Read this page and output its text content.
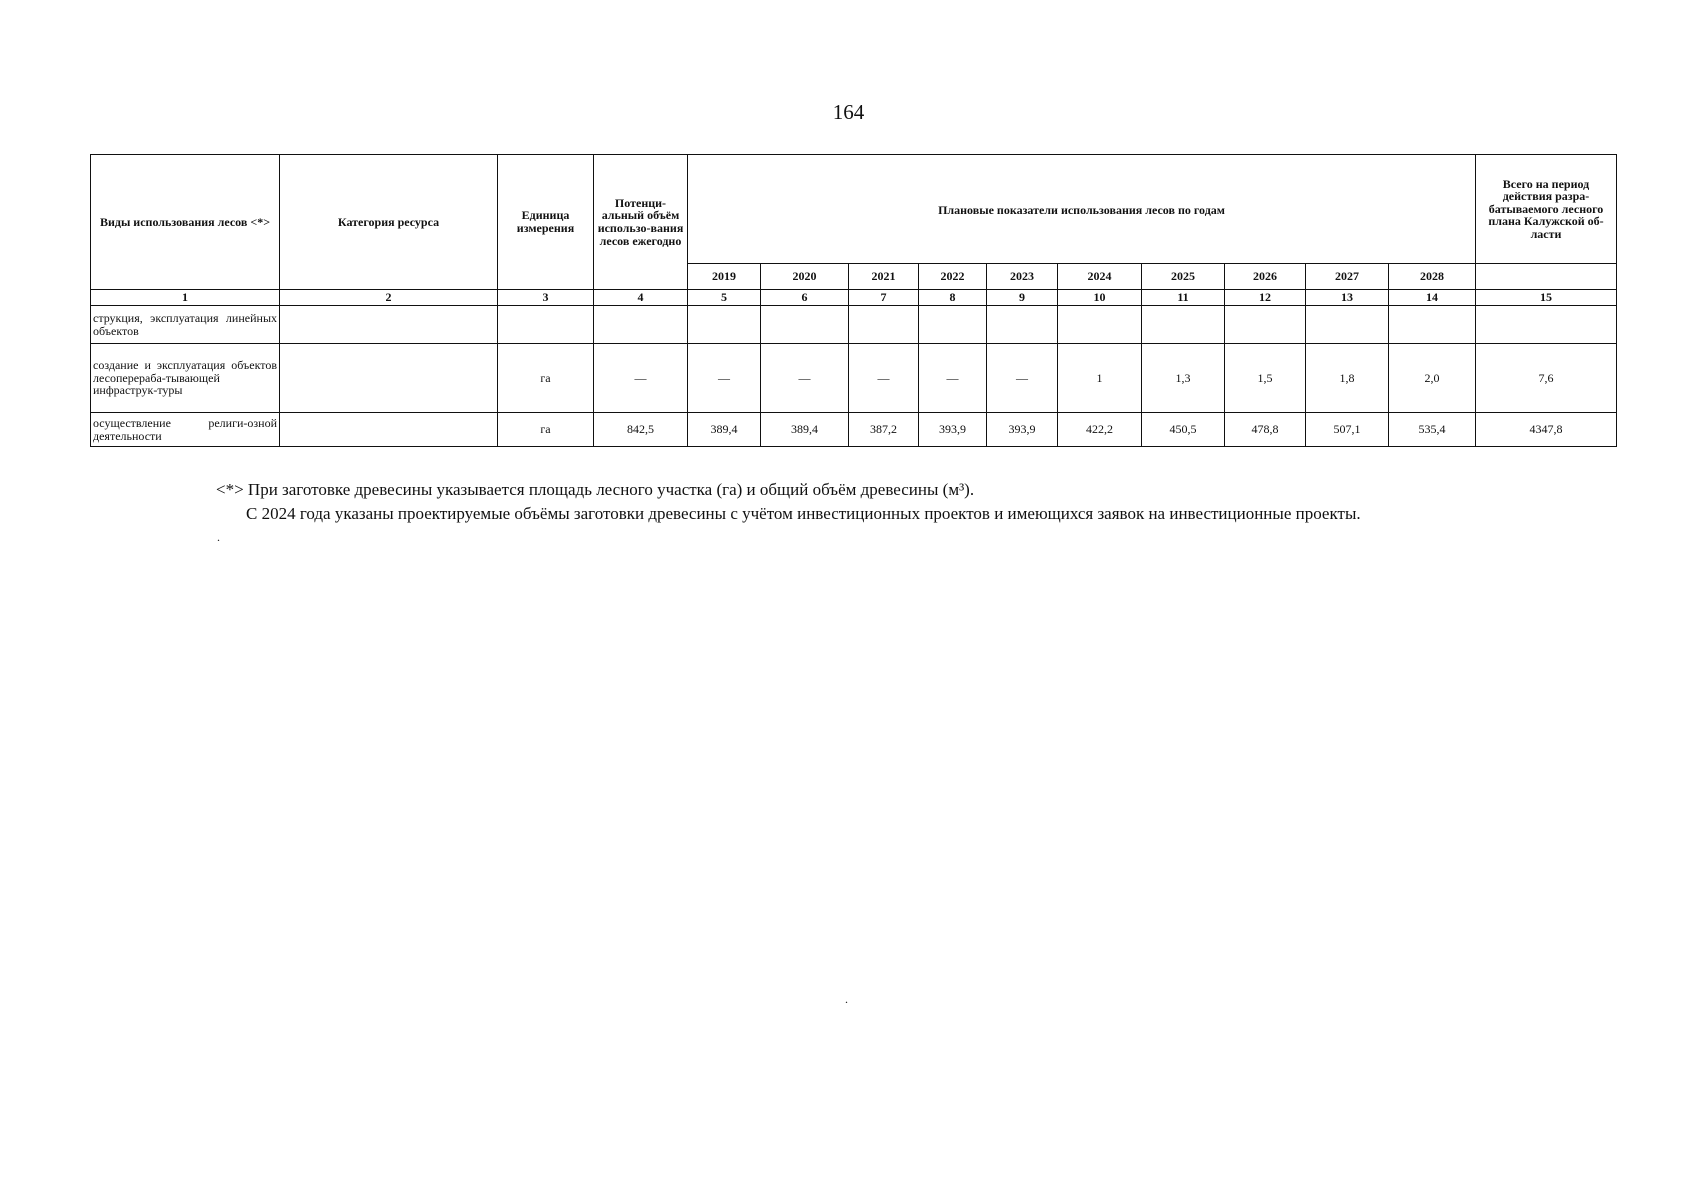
164
Виды использования лесов <*>	Категория ресурса	Единица измерения	Потенци-альный объём использо-вания лесов ежегодно	Плановые показатели использования лесов по годам										Всего на период действия разра-батываемого лесного плана Калужской об-ласти
				2019	2020	2021	2022	2023	2024	2025	2026	2027	2028	
1	2	3	4	5	6	7	8	9	10	11	12	13	14	15
струкция, эксплуатация линейных объектов														
создание и эксплуатация объектов лесоперераба-тывающей инфраструк-туры		га	—	—	—	—	—	—	1	1,3	1,5	1,8	2,0	7,6
осуществление религи-озной деятельности		га	842,5	389,4	389,4	387,2	393,9	393,9	422,2	450,5	478,8	507,1	535,4	4347,8
<*> При заготовке древесины указывается площадь лесного участка (га) и общий объём древесины (м³).
С 2024 года указаны проектируемые объёмы заготовки древесины с учётом инвестиционных проектов и имеющихся заявок на инвестиционные проекты.
.
.
